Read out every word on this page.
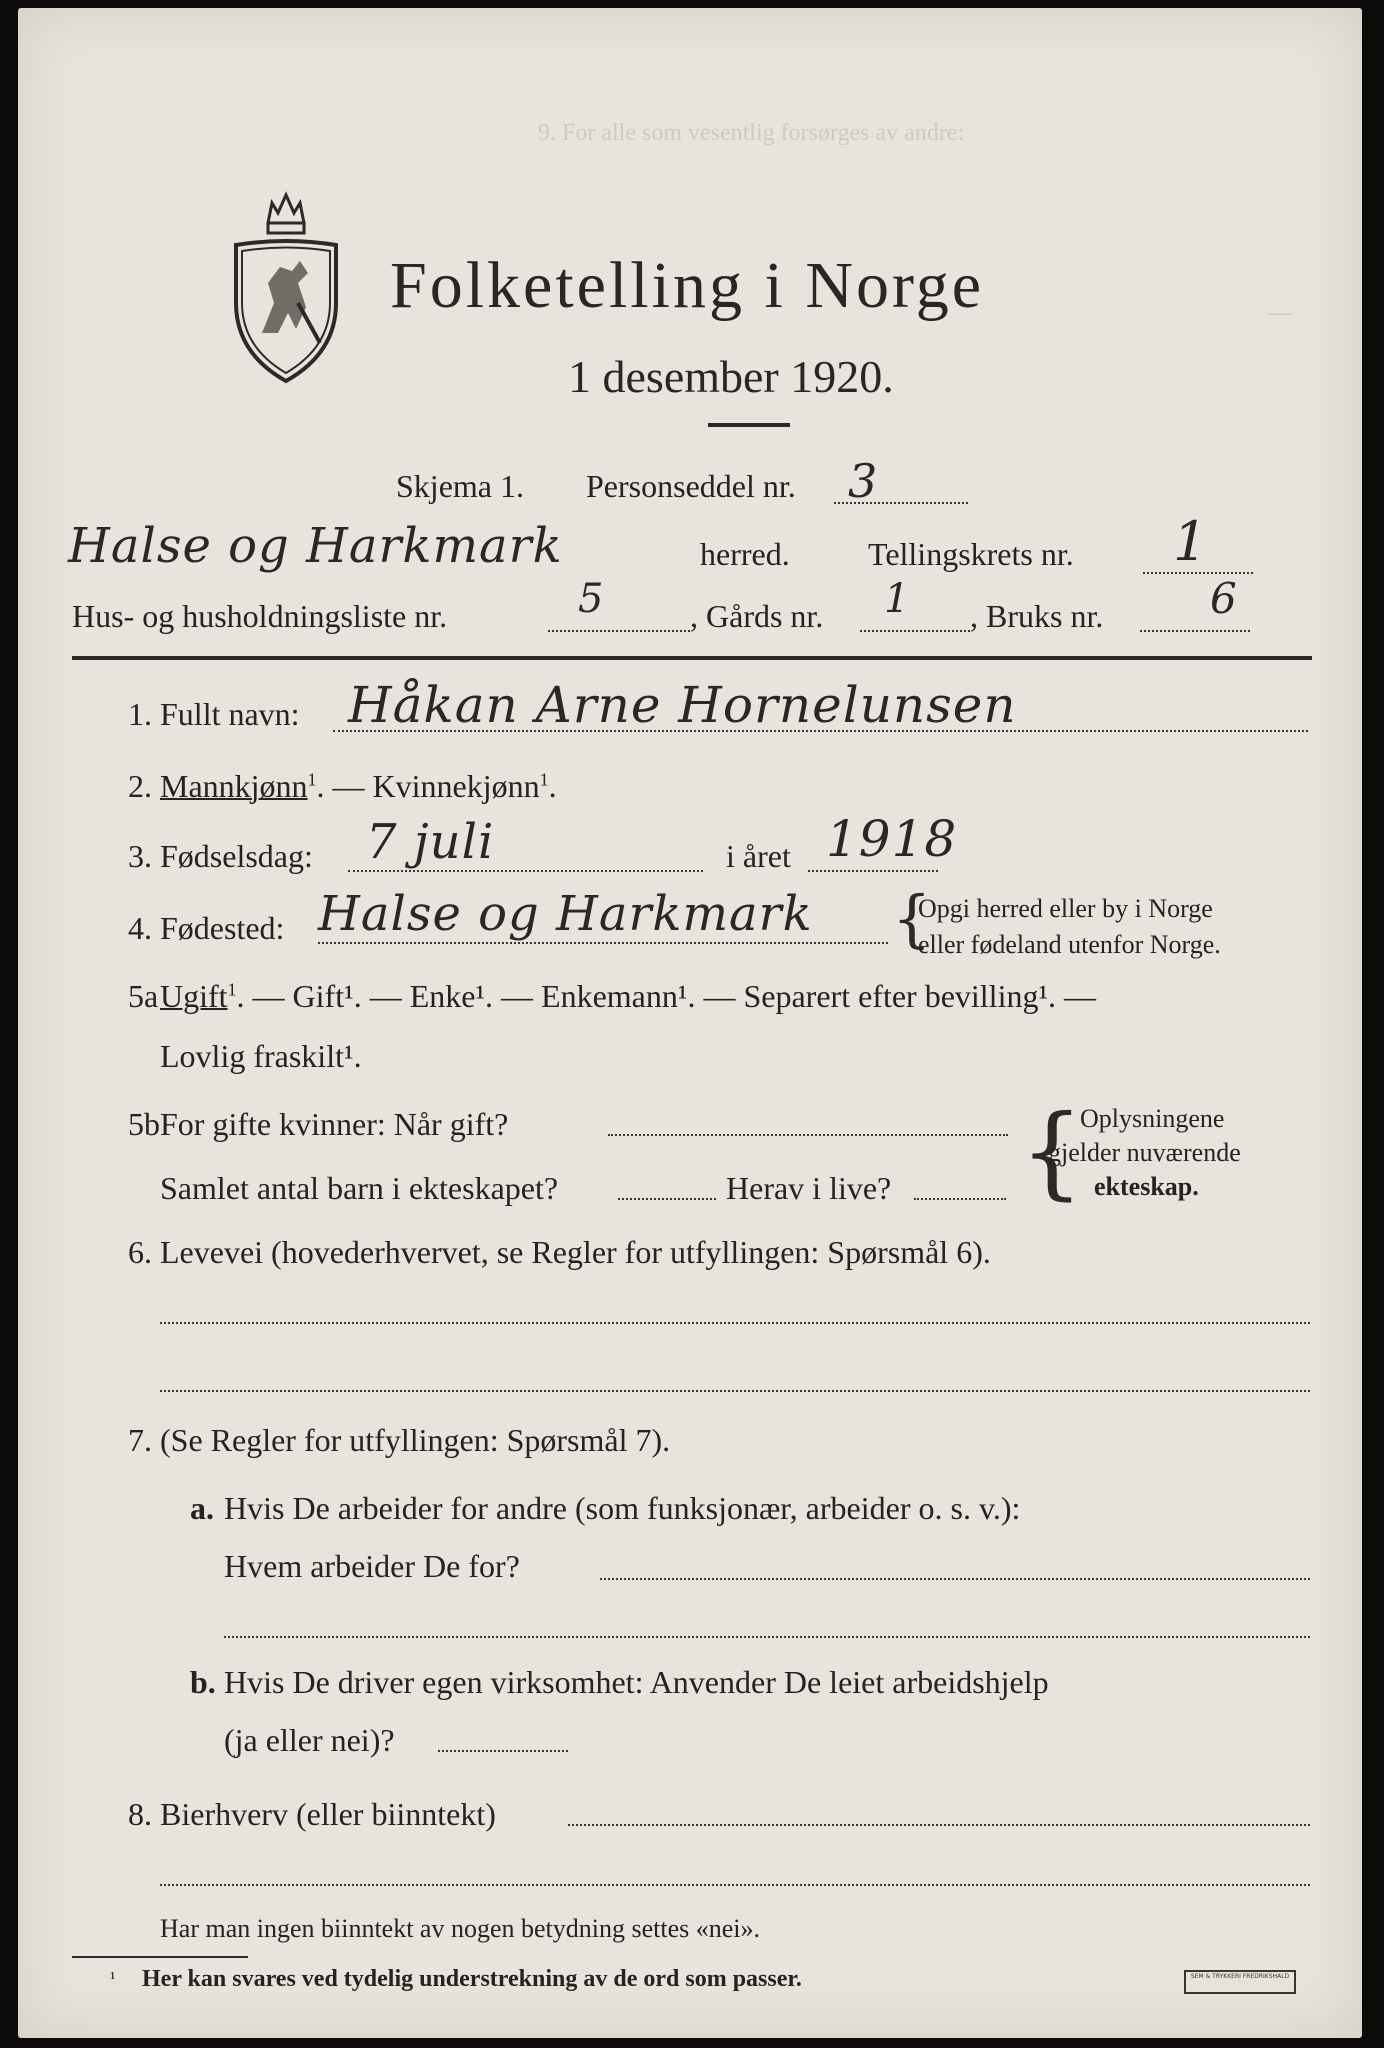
9. For alle som vesentlig forsørges av andre:
—
Folketelling i Norge
1 desember 1920.
Skjema 1. Personseddel nr. 3
Halse og Harkmark	herred. Tellingskrets nr. 1
Hus- og husholdningsliste nr.	5	, Gårds nr. 1 , Bruks nr.	6
1. Fullt navn: Håkan Arne Hornelunsen
2. Mannkjønn$^1$. — Kvinnekjønn$^1$.
3. Fødselsdag: 7 juli	i året 1918
4. Fødested: Halse og Harkmark {
Opgi herred eller by i Norge
eller fødeland utenfor Norge.
5a Ugift$^1$. — Gift¹. — Enke¹. — Enkemann¹. — Separert efter bevilling¹. —
Lovlig fraskilt¹.
5b For gifte kvinner: Når gift?
Samlet antal barn i ekteskapet?	Herav i live? {
Oplysningene
gjelder nuværende
ekteskap.
6. Levevei (hovederhvervet, se Regler for utfyllingen: Spørsmål 6).
7. (Se Regler for utfyllingen: Spørsmål 7).
a. Hvis De arbeider for andre (som funksjonær, arbeider o. s. v.):
Hvem arbeider De for?
b. Hvis De driver egen virksomhet: Anvender De leiet arbeidshjelp
(ja eller nei)?
8. Bierhverv (eller biinntekt)
Har man ingen biinntekt av nogen betydning settes «nei».
¹ Her kan svares ved tydelig understrekning av de ord som passer.	SEM & TRYKKERI FREDRIKSHALD
